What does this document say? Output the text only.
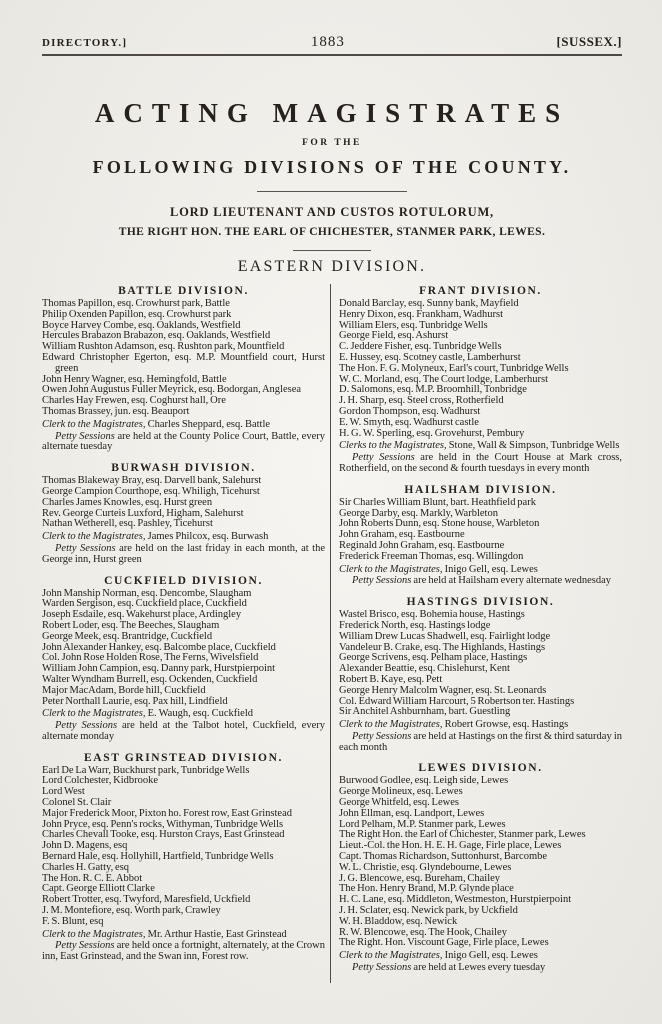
DIRECTORY.]	1883	[SUSSEX.]
ACTING MAGISTRATES
FOR THE
FOLLOWING DIVISIONS OF THE COUNTY.
LORD LIEUTENANT AND CUSTOS ROTULORUM,
THE RIGHT HON. THE EARL OF CHICHESTER, STANMER PARK, LEWES.
EASTERN DIVISION.
BATTLE DIVISION.

Thomas Papillon, esq. Crowhurst park, Battle

Philip Oxenden Papillon, esq. Crowhurst park

Boyce Harvey Combe, esq. Oaklands, Westfield

Hercules Brabazon Brabazon, esq. Oaklands, Westfield

William Rushton Adamson, esq. Rushton park, Mountfield

Edward Christopher Egerton, esq. M.P. Mountfield court, Hurst green

John Henry Wagner, esq. Hemingfold, Battle

Owen John Augustus Fuller Meyrick, esq. Bodorgan, Anglesea

Charles Hay Frewen, esq. Coghurst hall, Ore

Thomas Brassey, jun. esq. Beauport

Clerk to the Magistrates, Charles Sheppard, esq. Battle

Petty Sessions are held at the County Police Court, Battle, every alternate tuesday

BURWASH DIVISION.

Thomas Blakeway Bray, esq. Darvell bank, Salehurst

George Campion Courthope, esq. Whiligh, Ticehurst

Charles James Knowles, esq. Hurst green

Rev. George Curteis Luxford, Higham, Salehurst

Nathan Wetherell, esq. Pashley, Ticehurst

Clerk to the Magistrates, James Philcox, esq. Burwash

Petty Sessions are held on the last friday in each month, at the George inn, Hurst green

CUCKFIELD DIVISION.

John Manship Norman, esq. Dencombe, Slaugham

Warden Sergison, esq. Cuckfield place, Cuckfield

Joseph Esdaile, esq. Wakehurst place, Ardingley

Robert Loder, esq. The Beeches, Slaugham

George Meek, esq. Brantridge, Cuckfield

John Alexander Hankey, esq. Balcombe place, Cuckfield

Col. John Rose Holden Rose, The Ferns, Wivelsfield

William John Campion, esq. Danny park, Hurstpierpoint

Walter Wyndham Burrell, esq. Ockenden, Cuckfield

Major MacAdam, Borde hill, Cuckfield

Peter Northall Laurie, esq. Pax hill, Lindfield

Clerk to the Magistrates, E. Waugh, esq. Cuckfield

Petty Sessions are held at the Talbot hotel, Cuckfield, every alternate monday

EAST GRINSTEAD DIVISION.

Earl De La Warr, Buckhurst park, Tunbridge Wells

Lord Colchester, Kidbrooke

Lord West

Colonel St. Clair

Major Frederick Moor, Pixton ho. Forest row, East Grinstead

John Pryce, esq. Penn's rocks, Withyman, Tunbridge Wells

Charles Chevall Tooke, esq. Hurston Crays, East Grinstead

John D. Magens, esq

Bernard Hale, esq. Hollyhill, Hartfield, Tunbridge Wells

Charles H. Gatty, esq

The Hon. R. C. E. Abbot

Capt. George Elliott Clarke

Robert Trotter, esq. Twyford, Maresfield, Uckfield

J. M. Montefiore, esq. Worth park, Crawley

F. S. Blunt, esq

Clerk to the Magistrates, Mr. Arthur Hastie, East Grinstead

Petty Sessions are held once a fortnight, alternately, at the Crown inn, East Grinstead, and the Swan inn, Forest row.

FRANT DIVISION.

Donald Barclay, esq. Sunny bank, Mayfield

Henry Dixon, esq. Frankham, Wadhurst

William Elers, esq. Tunbridge Wells

George Field, esq. Ashurst

C. Jeddere Fisher, esq. Tunbridge Wells

E. Hussey, esq. Scotney castle, Lamberhurst

The Hon. F. G. Molyneux, Earl's court, Tunbridge Wells

W. C. Morland, esq. The Court lodge, Lamberhurst

D. Salomons, esq. M.P. Broomhill, Tonbridge

J. H. Sharp, esq. Steel cross, Rotherfield

Gordon Thompson, esq. Wadhurst

E. W. Smyth, esq. Wadhurst castle

H. G. W. Sperling, esq. Grovehurst, Pembury

Clerks to the Magistrates, Stone, Wall & Simpson, Tunbridge Wells

Petty Sessions are held in the Court House at Mark cross, Rotherfield, on the second & fourth tuesdays in every month

HAILSHAM DIVISION.

Sir Charles William Blunt, bart. Heathfield park

George Darby, esq. Markly, Warbleton

John Roberts Dunn, esq. Stone house, Warbleton

John Graham, esq. Eastbourne

Reginald John Graham, esq. Eastbourne

Frederick Freeman Thomas, esq. Willingdon

Clerk to the Magistrates, Inigo Gell, esq. Lewes

Petty Sessions are held at Hailsham every alternate wednesday

HASTINGS DIVISION.

Wastel Brisco, esq. Bohemia house, Hastings

Frederick North, esq. Hastings lodge

William Drew Lucas Shadwell, esq. Fairlight lodge

Vandeleur B. Crake, esq. The Highlands, Hastings

George Scrivens, esq. Pelham place, Hastings

Alexander Beattie, esq. Chislehurst, Kent

Robert B. Kaye, esq. Pett

George Henry Malcolm Wagner, esq. St. Leonards

Col. Edward William Harcourt, 5 Robertson ter. Hastings

Sir Anchitel Ashburnham, bart. Guestling

Clerk to the Magistrates, Robert Growse, esq. Hastings

Petty Sessions are held at Hastings on the first & third saturday in each month

LEWES DIVISION.

Burwood Godlee, esq. Leigh side, Lewes

George Molineux, esq. Lewes

George Whitfeld, esq. Lewes

John Ellman, esq. Landport, Lewes

Lord Pelham, M.P. Stanmer park, Lewes

The Right Hon. the Earl of Chichester, Stanmer park, Lewes

Lieut.-Col. the Hon. H. E. H. Gage, Firle place, Lewes

Capt. Thomas Richardson, Suttonhurst, Barcombe

W. L. Christie, esq. Glyndebourne, Lewes

J. G. Blencowe, esq. Bureham, Chailey

The Hon. Henry Brand, M.P. Glynde place

H. C. Lane, esq. Middleton, Westmeston, Hurstpierpoint

J. H. Sclater, esq. Newick park, by Uckfield

W. H. Bladdow, esq. Newick

R. W. Blencowe, esq. The Hook, Chailey

The Right. Hon. Viscount Gage, Firle place, Lewes

Clerk to the Magistrates, Inigo Gell, esq. Lewes

Petty Sessions are held at Lewes every tuesday
